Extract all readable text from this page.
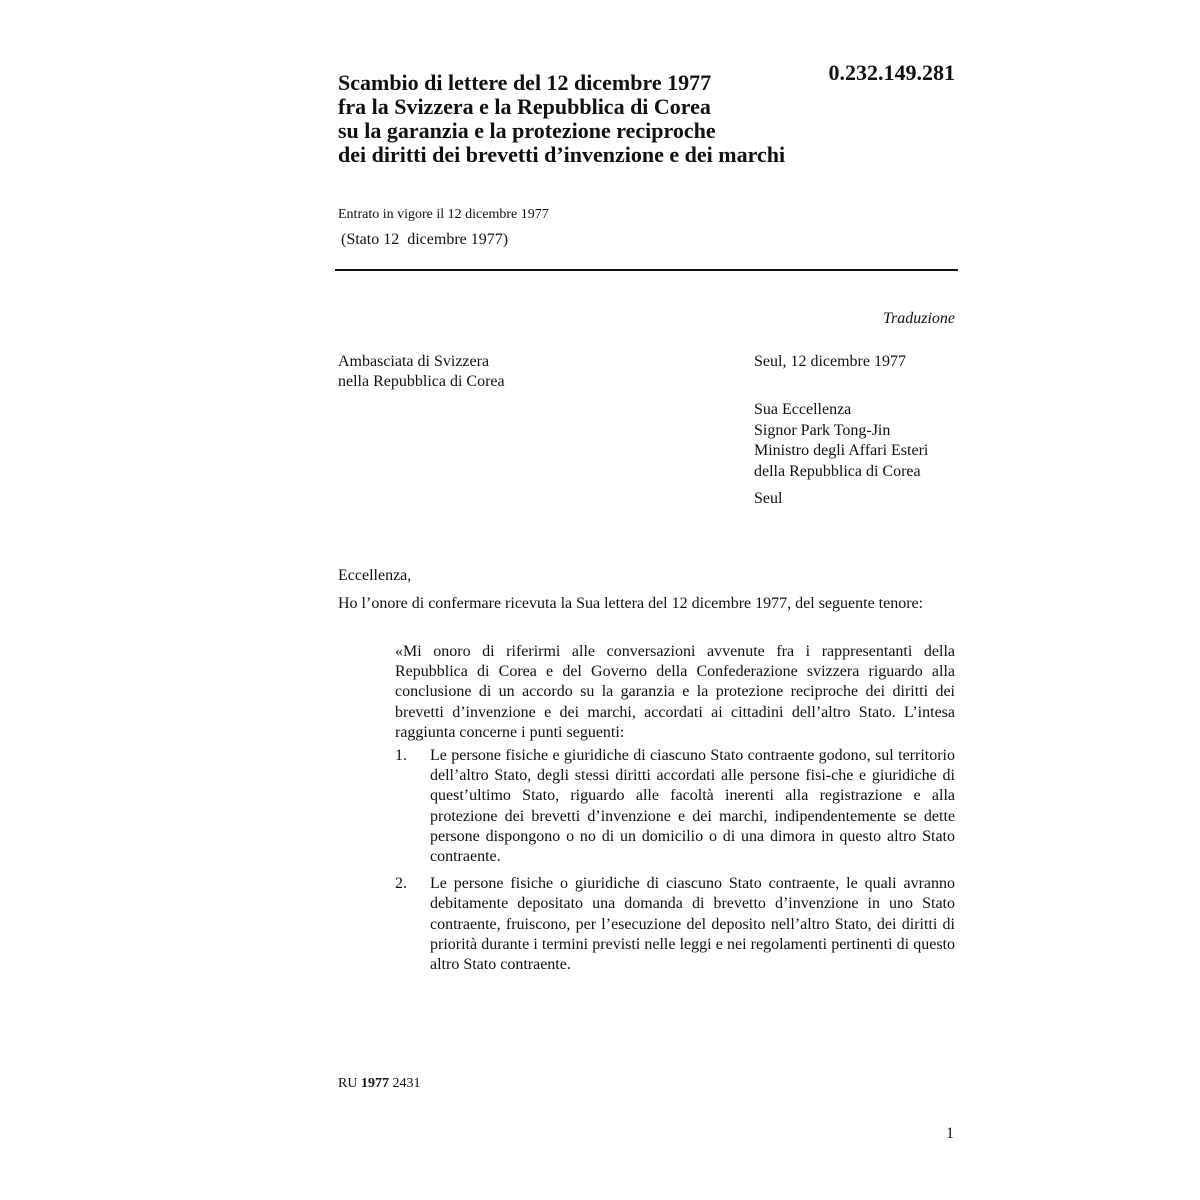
0.232.149.281
Scambio di lettere del 12 dicembre 1977
fra la Svizzera e la Repubblica di Corea
su la garanzia e la protezione reciproche
dei diritti dei brevetti d’invenzione e dei marchi
Entrato in vigore il 12 dicembre 1977
(Stato 12  dicembre 1977)
Traduzione
Ambasciata di Svizzera
nella Repubblica di Corea
Seul, 12 dicembre 1977
Sua Eccellenza
Signor Park Tong-Jin
Ministro degli Affari Esteri
della Repubblica di Corea
Seul
Eccellenza,

Ho l’onore di confermare ricevuta la Sua lettera del 12 dicembre 1977, del seguente tenore:

«Mi onoro di riferirmi alle conversazioni avvenute fra i rappresentanti della Repubblica di Corea e del Governo della Confederazione svizzera riguardo alla conclusione di un accordo su la garanzia e la protezione reciproche dei diritti dei brevetti d’invenzione e dei marchi, accordati ai cittadini dell’altro Stato. L’intesa raggiunta concerne i punti seguenti:

1. Le persone fisiche e giuridiche di ciascuno Stato contraente godono, sul territorio dell’altro Stato, degli stessi diritti accordati alle persone fisi-che e giuridiche di quest’ultimo Stato, riguardo alle facoltà inerenti alla registrazione e alla protezione dei brevetti d’invenzione e dei marchi, indipendentemente se dette persone dispongono o no di un domicilio o di una dimora in questo altro Stato contraente.
2. Le persone fisiche o giuridiche di ciascuno Stato contraente, le quali avranno debitamente depositato una domanda di brevetto d’invenzione in uno Stato contraente, fruiscono, per l’esecuzione del deposito nell’altro Stato, dei diritti di priorità durante i termini previsti nelle leggi e nei regolamenti pertinenti di questo altro Stato contraente.
RU 1977 2431
1
